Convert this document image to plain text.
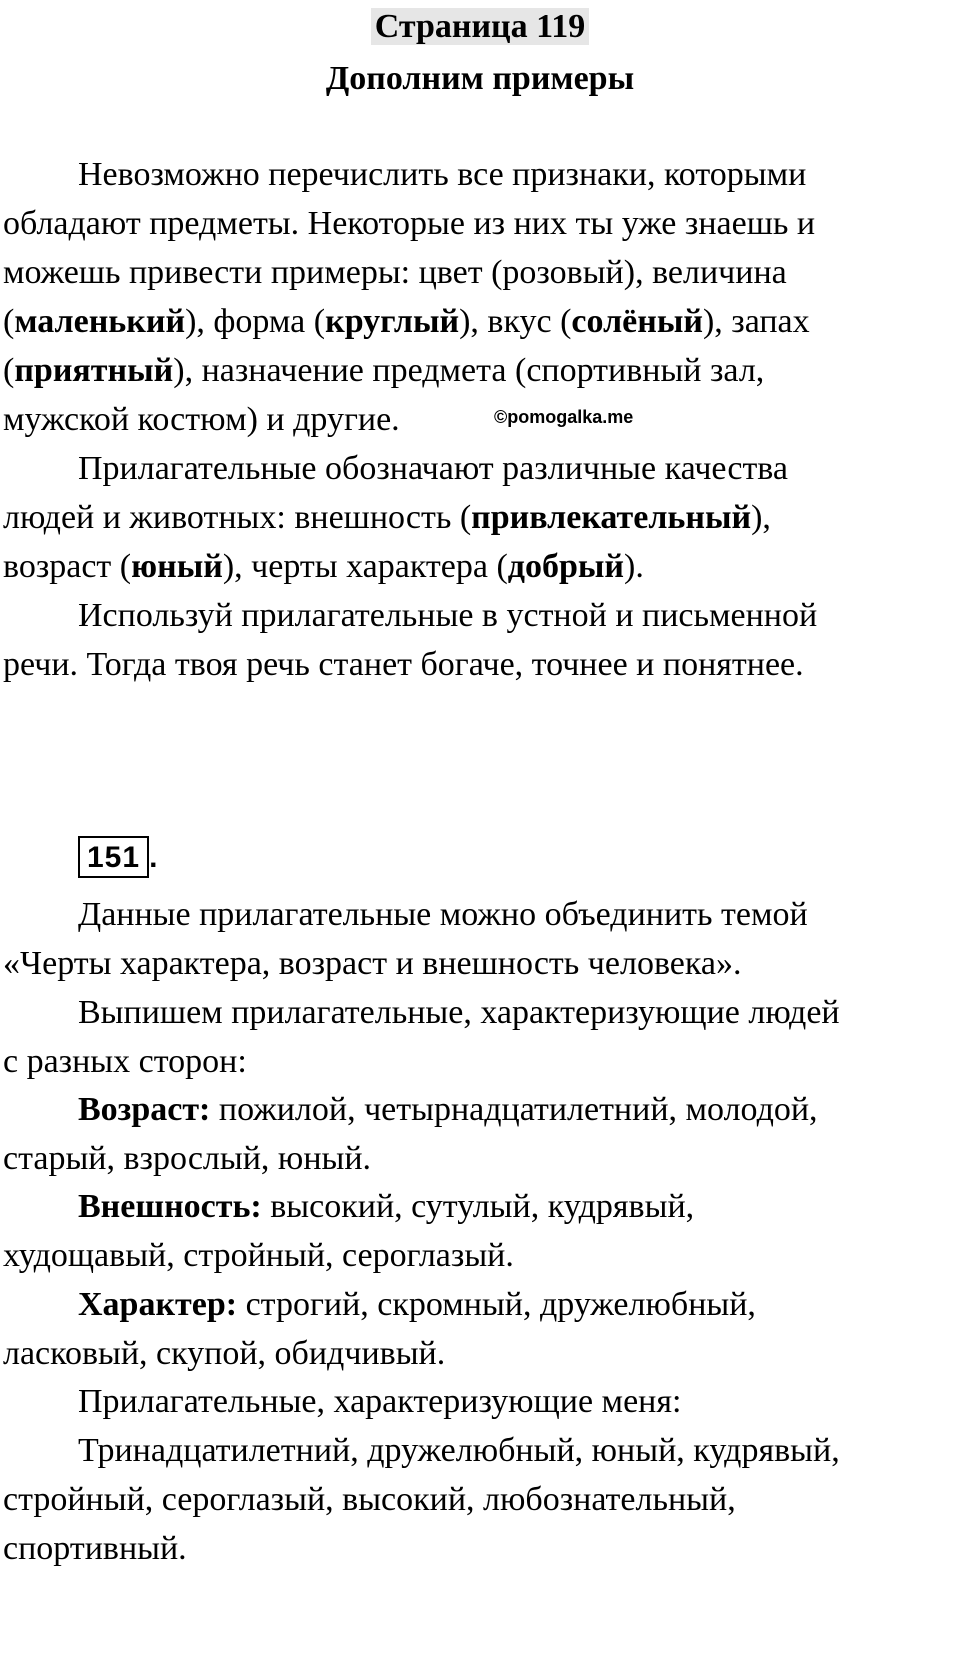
Страница 119
Дополним примеры

Невозможно перечислить все признаки, которыми
обладают предметы. Некоторые из них ты уже знаешь и
можешь привести примеры: цвет (розовый), величина
(маленький), форма (круглый), вкус (солёный), запах
(приятный), назначение предмета (спортивный зал,
мужской костюм) и другие.	©pomogalka.me

Прилагательные обозначают различные качества
людей и животных: внешность (привлекательный),
возраст (юный), черты характера (добрый).

Используй прилагательные в устной и письменной
речи. Тогда твоя речь станет богаче, точнее и понятнее.

151 .

Данные прилагательные можно объединить темой
«Черты характера, возраст и внешность человека».

Выпишем прилагательные, характеризующие людей
с разных сторон:

Возраст: пожилой, четырнадцатилетний, молодой,
старый, взрослый, юный.

Внешность: высокий, сутулый, кудрявый,
худощавый, стройный, сероглазый.

Характер: строгий, скромный, дружелюбный,
ласковый, скупой, обидчивый.

Прилагательные, характеризующие меня:

Тринадцатилетний, дружелюбный, юный, кудрявый,
стройный, сероглазый, высокий, любознательный,
спортивный.
